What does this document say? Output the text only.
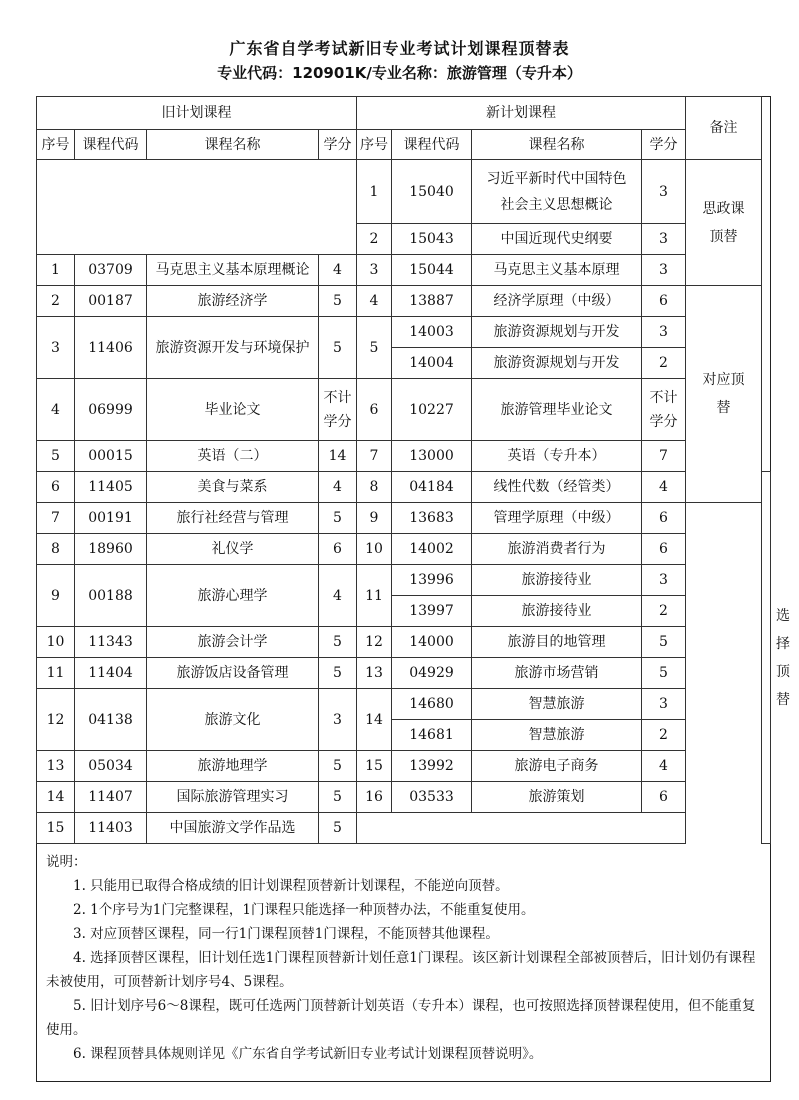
广东省自学考试新旧专业考试计划课程顶替表
专业代码：120901K/专业名称：旅游管理（专升本）
旧计划课程				新计划课程				备注	
序号	课程代码	课程名称	学分	序号	课程代码	课程名称	学分		
				1	15040	习近平新时代中国特色社会主义思想概论	3	思政课顶替	
				2	15043	中国近现代史纲要	3		
1	03709	马克思主义基本原理概论	4	3	15044	马克思主义基本原理	3		
2	00187	旅游经济学	5	4	13887	经济学原理（中级）	6	对应顶替	
3	11406	旅游资源开发与环境保护	5	5	14003	旅游资源规划与开发	3		
					14004	旅游资源规划与开发	2		
4	06999	毕业论文	不计学分	6	10227	旅游管理毕业论文	不计学分		
5	00015	英语（二）	14	7	13000	英语（专升本）	7		
6	11405	美食与菜系	4	8	04184	线性代数（经管类）	4		选择顶替
7	00191	旅行社经营与管理	5	9	13683	管理学原理（中级）	6		
8	18960	礼仪学	6	10	14002	旅游消费者行为	6		
9	00188	旅游心理学	4	11	13996	旅游接待业	3		
					13997	旅游接待业	2		
10	11343	旅游会计学	5	12	14000	旅游目的地管理	5		
11	11404	旅游饭店设备管理	5	13	04929	旅游市场营销	5		
12	04138	旅游文化	3	14	14680	智慧旅游	3		
					14681	智慧旅游	2		
13	05034	旅游地理学	5	15	13992	旅游电子商务	4		
14	11407	国际旅游管理实习	5	16	03533	旅游策划	6		
15	11403	中国旅游文学作品选	5						
说明：
1. 只能用已取得合格成绩的旧计划课程顶替新计划课程，不能逆向顶替。
2. 1个序号为1门完整课程，1门课程只能选择一种顶替办法，不能重复使用。
3. 对应顶替区课程，同一行1门课程顶替1门课程，不能顶替其他课程。
4. 选择顶替区课程，旧计划任选1门课程顶替新计划任意1门课程。该区新计划课程全部被顶替后，旧计划仍有课程未被使用，可顶替新计划序号4、5课程。
5. 旧计划序号6～8课程，既可任选两门顶替新计划英语（专升本）课程，也可按照选择顶替课程使用，但不能重复使用。
6. 课程顶替具体规则详见《广东省自学考试新旧专业考试计划课程顶替说明》。
